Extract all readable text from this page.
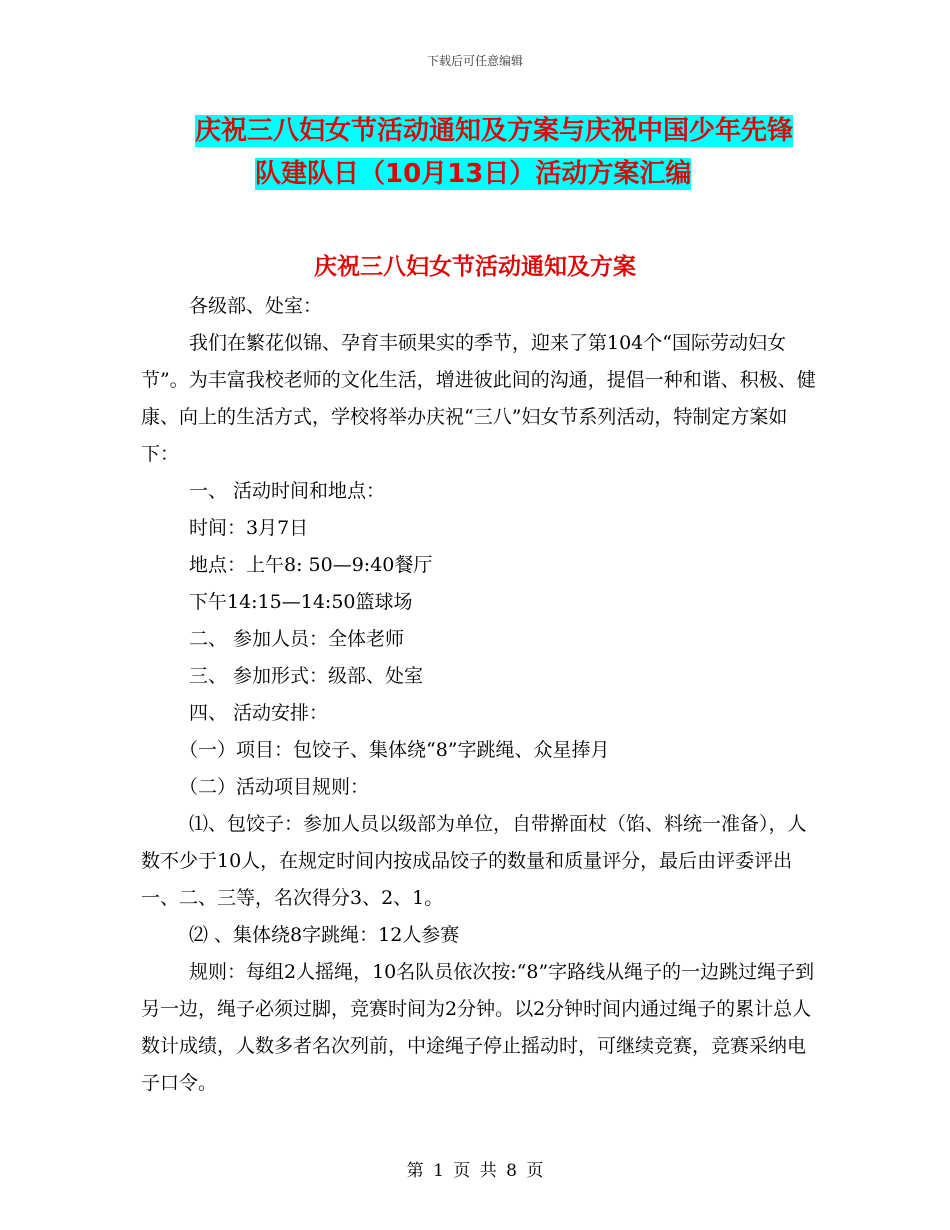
下载后可任意编辑
庆祝三八妇女节活动通知及方案与庆祝中国少年先锋
队建队日（10月13日）活动方案汇编
庆祝三八妇女节活动通知及方案

各级部、处室：

我们在繁花似锦、孕育丰硕果实的季节，迎来了第104个“国际劳动妇女节”。为丰富我校老师的文化生活，增进彼此间的沟通，提倡一种和谐、积极、健康、向上的生活方式，学校将举办庆祝“三八”妇女节系列活动，特制定方案如下：

一、 活动时间和地点：

时间：3月7日

地点：上午8: 50—9:40餐厅

下午14:15—14:50篮球场

二、 参加人员：全体老师

三、 参加形式：级部、处室

四、 活动安排：

（一）项目：包饺子、集体绕“8”字跳绳、众星捧月

（二）活动项目规则：

⑴、包饺子：参加人员以级部为单位，自带擀面杖（馅、料统一准备），人数不少于10人，在规定时间内按成品饺子的数量和质量评分，最后由评委评出一、二、三等，名次得分3、2、1。

⑵ 、集体绕8字跳绳：12人参赛

规则：每组2人摇绳，10名队员依次按:“8”字路线从绳子的一边跳过绳子到另一边，绳子必须过脚，竞赛时间为2分钟。以2分钟时间内通过绳子的累计总人数计成绩，人数多者名次列前，中途绳子停止摇动时，可继续竞赛，竞赛采纳电子口令。

第 1 页 共 8 页
